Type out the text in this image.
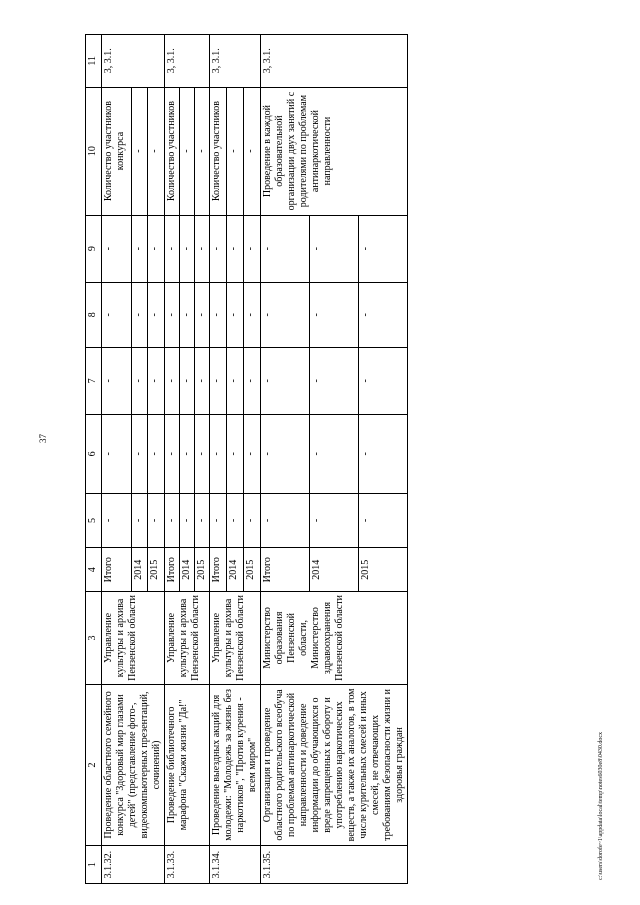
37
1	2	3	4	5	6	7	8	9	10	11
3.1.32.	Проведение областного семейного конкурса "Здоровый мир глазами детей" (представление фото-, видеокомпьютерных презентаций, сочинений)	Управление культуры и архива Пензенской области	Итого	-	-	-	-	-	Количество участников конкурса	3, 3.1.
			2014	-	-	-	-	-	-	
			2015	-	-	-	-	-	-	
3.1.33.	Проведение библиотечного марафона "Скажи жизни "Да!"	Управление культуры и архива Пензенской области	Итого	-	-	-	-	-	Количество участников	3, 3.1.
			2014	-	-	-	-	-	-	
			2015	-	-	-	-	-	-	
3.1.34.	Проведение выездных акций для молодежи: "Молодежь за жизнь без наркотиков", "Против курения - всем миром"	Управление культуры и архива Пензенской области	Итого	-	-	-	-	-	Количество участников	3, 3.1.
			2014	-	-	-	-	-	-	
			2015	-	-	-	-	-	-	
3.1.35.	Организация и проведение областного родительского всеобуча по проблемам антинаркотической направленности и доведение информации до обучающихся о вреде запрещенных к обороту и употреблению наркотических веществ, а также их аналогов, в том числе курительных смесей и иных смесей, не отвечающих требованиям безопасности жизни и здоровья граждан	Министерство образования Пензенской области, Министерство здравоохранения Пензенской области	Итого	-	-	-	-	-	Проведение в каждой образовательной организации двух занятий с родителями по проблемам антинаркотической направленности	3, 3.1.
			2014	-	-	-	-	-		
			2015	-	-	-	-	-		
c:\users\dorofe~1\appdata\local\temp\notes6030e8\0430.docx
